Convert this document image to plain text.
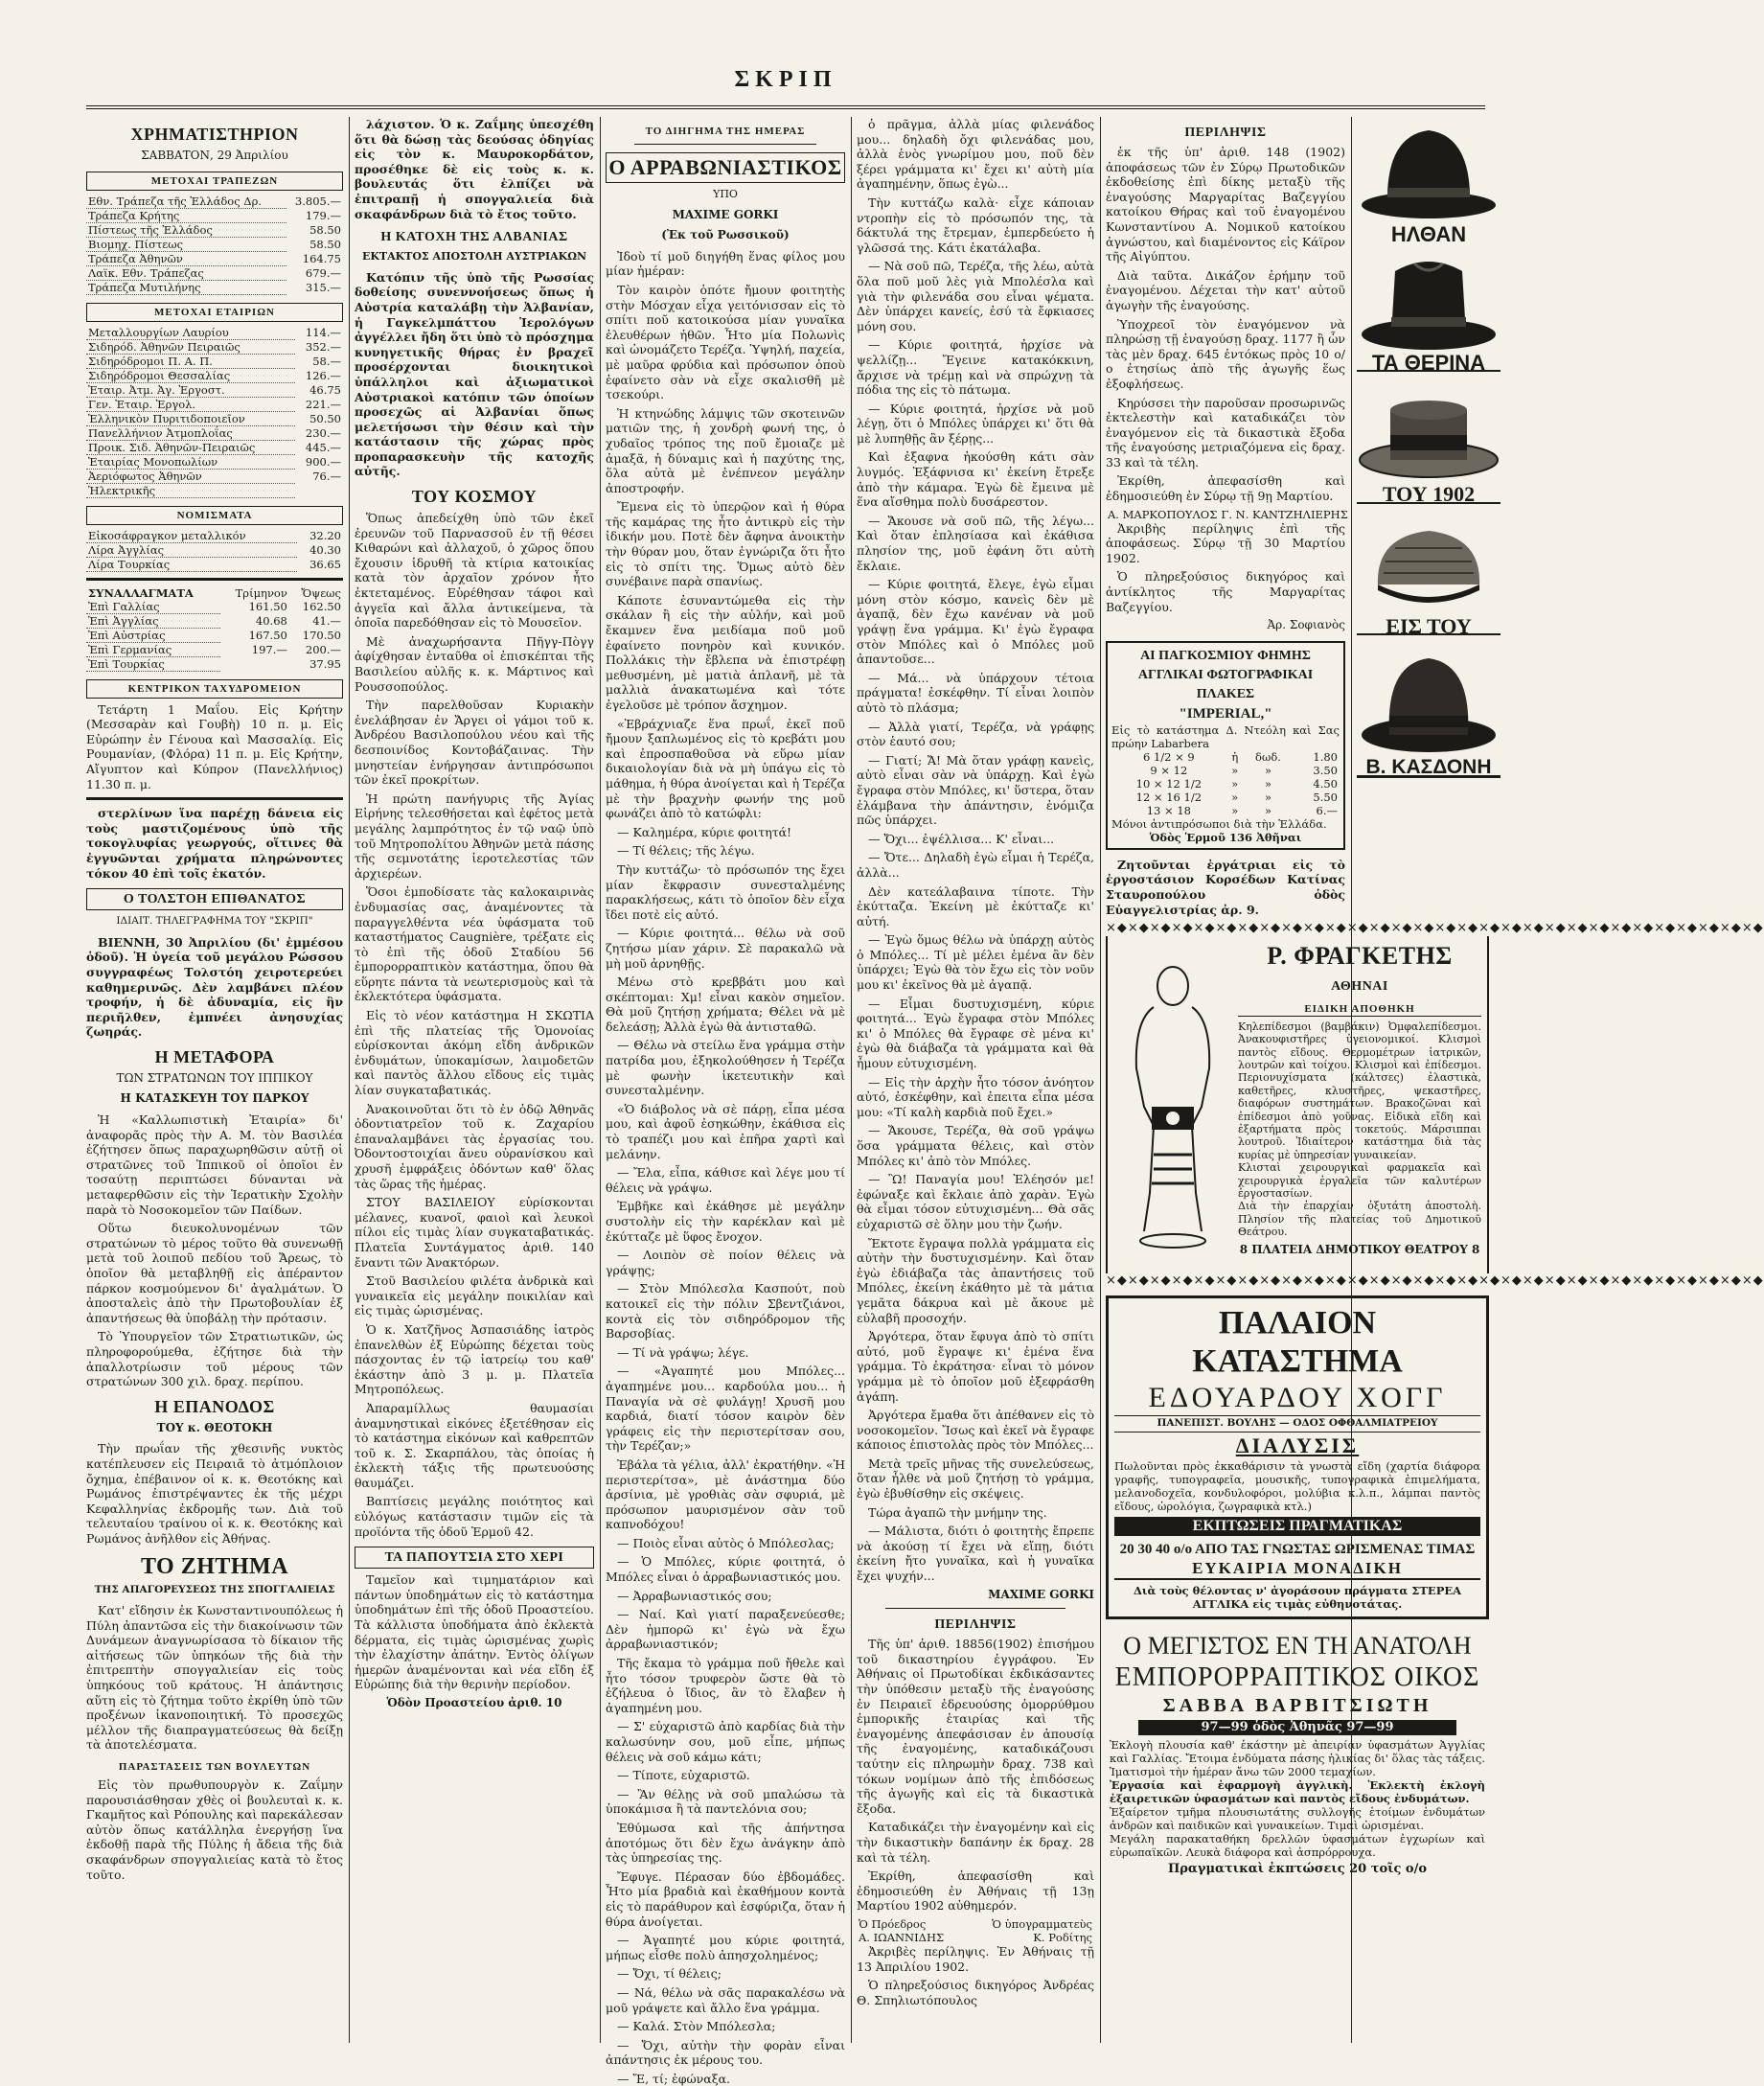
ΣΚΡΙΠ
ΧΡΗΜΑΤΙΣΤΗΡΙΟΝ
ΣΑΒΒΑΤΟΝ, 29 Ἀπριλίου
ΜΕΤΟΧΑΙ ΤΡΑΠΕΖΩΝ
Εθν. Τράπεζα τῆς Ἑλλάδος Δρ.	3.805.—
Τράπεζα Κρήτης	179.—
Πίστεως τῆς Ἑλλάδος	58.50
Βιομηχ. Πίστεως	58.50
Τράπεζα Ἀθηνῶν	164.75
Λαϊκ. Εθν. Τράπεζας	679.—
Τράπεζα Μυτιλήνης	315.—
ΜΕΤΟΧΑΙ ΕΤΑΙΡΙΩΝ
Μεταλλουργίων Λαυρίου	114.—
Σιδηρόδ. Ἀθηνῶν Πειραιῶς	352.—
Σιδηρόδρομοι Π. Α. Π.	58.—
Σιδηρόδρομοι Θεσσαλίας	126.—
Ἐταιρ. Ἀτμ. Ἀγ. Ἐργοστ.	46.75
Γεν. Ἐταιρ. Ἐργολ.	221.—
Ἑλληνικὸν Πυριτιδοποιεῖον	50.50
Πανελλήνιον Ἀτμοπλοΐας	230.—
Προικ. Σιδ. Ἀθηνῶν-Πειραιῶς	445.—
Ἑταιρίας Μονοπωλίων	900.—
Ἀεριόφωτος Ἀθηνῶν	76.—
Ἠλεκτρικῆς	
ΝΟΜΙΣΜΑΤΑ
Εἰκοσάφραγκον μεταλλικόν	32.20
Λίρα Ἀγγλίας	40.30
Λίρα Τουρκίας	36.65
ΣΥΝΑΛΛΑΓΜΑΤΑ	Τρίμηνον	Ὄψεως
Ἐπὶ Γαλλίας	161.50	162.50
Ἐπὶ Ἀγγλίας	40.68	41.—
Ἐπὶ Αὐστρίας	167.50	170.50
Ἐπὶ Γερμανίας	197.—	200.—
Ἐπὶ Τουρκίας		37.95
ΚΕΝΤΡΙΚΟΝ ΤΑΧΥΔΡΟΜΕΙΟΝ

Τετάρτη 1 Μαΐου. Εἰς Κρήτην (Μεσσαρὰν καὶ Γουβὴ) 10 π. μ. Εἰς Εὐρώπην ἐν Γένουα καὶ Μασσαλίᾳ. Εἰς Ρουμανίαν, (Φλόρα) 11 π. μ. Εἰς Κρήτην, Αἴγυπτον καὶ Κύπρον (Πανελλήνιος) 11.30 π. μ.

στερλίνων ἵνα παρέχῃ δάνεια εἰς τοὺς μαστιζομένους ὑπὸ τῆς τοκογλυφίας γεωργούς, οἵτινες θὰ ἐγγυῶνται χρήματα πληρώνοντες τόκον 40 ἐπὶ τοῖς ἑκατόν.

Ο ΤΟΛΣΤΟΗ ΕΠΙΘΑΝΑΤΟΣ
ΙΔΙΑΙΤ. ΤΗΛΕΓΡΑΦΗΜΑ ΤΟΥ "ΣΚΡΙΠ"

ΒΙΕΝΝΗ, 30 Ἀπριλίου (δι' ἐμμέσου ὁδοῦ). Ἡ ὑγεία τοῦ μεγάλου Ρώσσου συγγραφέως Τολστόη χειροτερεύει καθημερινῶς. Δὲν λαμβάνει πλέον τροφήν, ἡ δὲ ἀδυναμία, εἰς ἣν περιῆλθεν, ἐμπνέει ἀνησυχίας ζωηράς.

Η ΜΕΤΑΦΟΡΑ
ΤΩΝ ΣΤΡΑΤΩΝΩΝ ΤΟΥ ΙΠΠΙΚΟΥ
Η ΚΑΤΑΣΚΕΥΗ ΤΟΥ ΠΑΡΚΟΥ

Ἡ «Καλλωπιστικὴ Ἑταιρία» δι' ἀναφορᾶς πρὸς τὴν Α. Μ. τὸν Βασιλέα ἐζήτησεν ὅπως παραχωρηθῶσιν αὐτῇ οἱ στρατῶνες τοῦ Ἱππικοῦ οἱ ὁποῖοι ἐν τοσαύτῃ περιπτώσει δύνανται νὰ μεταφερθῶσιν εἰς τὴν Ἱερατικὴν Σχολὴν παρὰ τὸ Νοσοκομεῖον τῶν Παίδων.

Οὕτω διευκολυνομένων τῶν στρατώνων τὸ μέρος τοῦτο θὰ συνενωθῇ μετὰ τοῦ λοιποῦ πεδίου τοῦ Ἄρεως, τὸ ὁποῖον θὰ μεταβληθῇ εἰς ἀπέραντον πάρκον κοσμούμενον δι' ἀγαλμάτων. Ὁ ἀποσταλεὶς ἀπὸ τὴν Πρωτοβουλίαν ἐξ ἀπαντήσεως θὰ ὑποβάλῃ τὴν πρότασιν.

Τὸ Ὑπουργεῖον τῶν Στρατιωτικῶν, ὡς πληροφορούμεθα, ἐζήτησε διὰ τὴν ἀπαλλοτρίωσιν τοῦ μέρους τῶν στρατώνων 300 χιλ. δραχ. περίπου.

Η ΕΠΑΝΟΔΟΣ
ΤΟΥ κ. ΘΕΟΤΟΚΗ

Τὴν πρωΐαν τῆς χθεσινῆς νυκτὸς κατέπλευσεν εἰς Πειραιᾶ τὸ ἀτμόπλοιον ὄχημα, ἐπέβαινον οἱ κ. κ. Θεοτόκης καὶ Ρωμάνος ἐπιστρέψαντες ἐκ τῆς μέχρι Κεφαλληνίας ἐκδρομῆς των. Διὰ τοῦ τελευταίου τραίνου οἱ κ. κ. Θεοτόκης καὶ Ρωμάνος ἀνῆλθον εἰς Ἀθήνας.

ΤΟ ΖΗΤΗΜΑ
ΤΗΣ ΑΠΑΓΟΡΕΥΣΕΩΣ ΤΗΣ ΣΠΟΓΓΑΛΙΕΙΑΣ

Κατ' εἴδησιν ἐκ Κωνσταντινουπόλεως ἡ Πύλη ἀπαντῶσα εἰς τὴν διακοίνωσιν τῶν Δυνάμεων ἀναγνωρίσασα τὸ δίκαιον τῆς αἰτήσεως τῶν ὑπηκόων τῆς διὰ τὴν ἐπιτρεπτὴν σπογγαλιείαν εἰς τοὺς ὑπηκόους τοῦ κράτους. Ἡ ἀπάντησις αὕτη εἰς τὸ ζήτημα τοῦτο ἐκρίθη ὑπὸ τῶν προξένων ἱκανοποιητική. Τὸ προσεχῶς μέλλον τῆς διαπραγματεύσεως θὰ δείξῃ τὰ ἀποτελέσματα.

ΠΑΡΑΣΤΑΣΕΙΣ ΤΩΝ ΒΟΥΛΕΥΤΩΝ

Εἰς τὸν πρωθυπουργὸν κ. Ζαΐμην παρουσιάσθησαν χθὲς οἱ βουλευταὶ κ. κ. Γκαμῆτος καὶ Ρόπουλης καὶ παρεκάλεσαν αὐτὸν ὅπως κατάλληλα ἐνεργήσῃ ἵνα ἐκδοθῇ παρὰ τῆς Πύλης ἡ ἄδεια τῆς διὰ σκαφάνδρων σπογγαλιείας κατὰ τὸ ἔτος τοῦτο.

λάχιστον. Ὁ κ. Ζαΐμης ὑπεσχέθη ὅτι θὰ δώσῃ τὰς δεούσας ὁδηγίας εἰς τὸν κ. Μαυροκορδάτον, προσέθηκε δὲ εἰς τοὺς κ. κ. βουλευτάς ὅτι ἐλπίζει νὰ ἐπιτραπῇ ἡ σπογγαλιεία διὰ σκαφάνδρων διὰ τὸ ἔτος τοῦτο.

Η ΚΑΤΟΧΗ ΤΗΣ ΑΛΒΑΝΙΑΣ
ΕΚΤΑΚΤΟΣ ΑΠΟΣΤΟΛΗ ΑΥΣΤΡΙΑΚΩΝ

Κατόπιν τῆς ὑπὸ τῆς Ρωσσίας δοθείσης συνεννοήσεως ὅπως ἡ Αὐστρία καταλάβῃ τὴν Ἀλβανίαν, ἡ Γαγκελμπάττου Ἱερολόγων ἀγγέλλει ἤδη ὅτι ὑπὸ τὸ πρόσχημα κυνηγετικῆς θήρας ἐν βραχεῖ προσέρχονται διοικητικοὶ ὑπάλληλοι καὶ ἀξιωματικοὶ Αὐστριακοὶ κατόπιν τῶν ὁποίων προσεχῶς αἱ Ἀλβανίαι ὅπως μελετήσωσι τὴν θέσιν καὶ τὴν κατάστασιν τῆς χώρας πρὸς προπαρασκευὴν τῆς κατοχῆς αὐτῆς.

ΤΟΥ ΚΟΣΜΟΥ

Ὅπως ἀπεδείχθη ὑπὸ τῶν ἐκεῖ ἐρευνῶν τοῦ Παρνασσοῦ ἐν τῇ θέσει Κιθαρώνι καὶ ἀλλαχοῦ, ὁ χῶρος ὅπου ἔχουσιν ἱδρυθῆ τὰ κτίρια κατοικίας κατὰ τὸν ἀρχαῖον χρόνον ἦτο ἐκτεταμένος. Εὑρέθησαν τάφοι καὶ ἀγγεῖα καὶ ἄλλα ἀντικείμενα, τὰ ὁποῖα παρεδόθησαν εἰς τὸ Μουσεῖον.

Μὲ ἀναχωρήσαντα Πῆγγ-Πὸγγ ἀφίχθησαν ἐνταῦθα οἱ ἐπισκέπται τῆς Βασιλείου αὐλῆς κ. κ. Μάρτινος καὶ Ρουσσοπούλος.

Τὴν παρελθοῦσαν Κυριακὴν ἐνελάβησαν ἐν Ἄργει οἱ γάμοι τοῦ κ. Ἀνδρέου Βασιλοπούλου νέου καὶ τῆς δεσποινίδος Κοντοβάζαινας. Τὴν μνηστείαν ἐνήργησαν ἀντιπρόσωποι τῶν ἐκεῖ προκρίτων.

Ἡ πρώτη πανήγυρις τῆς Ἀγίας Εἰρήνης τελεσθήσεται καὶ ἐφέτος μετὰ μεγάλης λαμπρότητος ἐν τῷ ναῷ ὑπὸ τοῦ Μητροπολίτου Ἀθηνῶν μετὰ πάσης τῆς σεμνοτάτης ἱεροτελεστίας τῶν ἀρχιερέων.

Ὅσοι ἐμποδίσατε τὰς καλοκαιρινὰς ἐνδυμασίας σας, ἀναμένοντες τὰ παραγγελθέντα νέα ὑφάσματα τοῦ καταστήματος Caugnière, τρέξατε εἰς τὸ ἐπὶ τῆς ὁδοῦ Σταδίου 56 ἐμπορορραπτικὸν κατάστημα, ὅπου θὰ εὕρητε πάντα τὰ νεωτερισμοὺς καὶ τὰ ἐκλεκτότερα ὑφάσματα.

Εἰς τὸ νέον κατάστημα Η ΣΚΩΤΙΑ ἐπὶ τῆς πλατείας τῆς Ὁμονοίας εὑρίσκονται ἀκόμη εἴδη ἀνδρικῶν ἐνδυμάτων, ὑποκαμίσων, λαιμοδετῶν καὶ παντὸς ἄλλου εἴδους εἰς τιμὰς λίαν συγκαταβατικάς.

Ἀνακοινοῦται ὅτι τὸ ἐν ὁδῷ Ἀθηνᾶς ὀδοντιατρεῖον τοῦ κ. Ζαχαρίου ἐπαναλαμβάνει τὰς ἐργασίας του. Ὀδοντοστοιχίαι ἄνευ οὐρανίσκου καὶ χρυσῆ ἐμφράξεις ὀδόντων καθ' ὅλας τὰς ὥρας τῆς ἡμέρας.

ΣΤΟΥ ΒΑΣΙΛΕΙΟΥ εὑρίσκονται μέλανες, κυανοῖ, φαιοὶ καὶ λευκοὶ πίλοι εἰς τιμὰς λίαν συγκαταβατικάς. Πλατεῖα Συντάγματος ἀριθ. 140 ἔναντι τῶν Ἀνακτόρων.

Στοῦ Βασιλείου φιλέτα ἀνδρικὰ καὶ γυναικεῖα εἰς μεγάλην ποικιλίαν καὶ εἰς τιμὰς ὡρισμένας.

Ὁ κ. Χατζῆνος Ἀσπασιάδης ἰατρὸς ἐπανελθὼν ἐξ Εὐρώπης δέχεται τοὺς πάσχοντας ἐν τῷ ἰατρείῳ του καθ' ἑκάστην ἀπὸ 3 μ. μ. Πλατεῖα Μητροπόλεως.

Ἀπαραμίλλως θαυμασίαι ἀναμνηστικαὶ εἰκόνες ἐξετέθησαν εἰς τὸ κατάστημα εἰκόνων καὶ καθρεπτῶν τοῦ κ. Σ. Σκαρπάλου, τὰς ὁποίας ἡ ἐκλεκτὴ τάξις τῆς πρωτευούσης θαυμάζει.

Βαπτίσεις μεγάλης ποιότητος καὶ εὐλόγως κατάστασιν τιμῶν εἰς τὰ προϊόντα τῆς ὁδοῦ Ἑρμοῦ 42.

ΤΑ ΠΑΠΟΥΤΣΙΑ ΣΤΟ ΧΕΡΙ

Ταμεῖον καὶ τιμηματάριον καὶ πάντων ὑποδημάτων εἰς τὸ κατάστημα ὑποδημάτων ἐπὶ τῆς ὁδοῦ Προαστείου. Τὰ κάλλιστα ὑποδήματα ἀπὸ ἐκλεκτὰ δέρματα, εἰς τιμὰς ὡρισμένας χωρὶς τὴν ἐλαχίστην ἀπάτην. Ἐντὸς ὀλίγων ἡμερῶν ἀναμένονται καὶ νέα εἴδη ἐξ Εὐρώπης διὰ τὴν θερινὴν περίοδον.

Ὁδὸν Προαστείου ἀριθ. 10
ΤΟ ΔΙΗΓΗΜΑ ΤΗΣ ΗΜΕΡΑΣ
Ο ΑΡΡΑΒΩΝΙΑΣΤΙΚΟΣ
ΥΠΟ
MAXIME GORKI
(Ἐκ τοῦ Ρωσσικοῦ)

Ἰδοὺ τί μοῦ διηγήθη ἕνας φίλος μου μίαν ἡμέραν:

Τὸν καιρὸν ὁπότε ἤμουν φοιτητὴς στὴν Μόσχαν εἶχα γειτόνισσαν εἰς τὸ σπίτι ποῦ κατοικούσα μίαν γυναῖκα ἐλευθέρων ἠθῶν. Ἦτο μία Πολωνὶς καὶ ὠνομάζετο Τερέζα. Ὑψηλή, παχεία, μὲ μαῦρα φρύδια καὶ πρόσωπον ὁποὺ ἐφαίνετο σὰν νὰ εἶχε σκαλισθῆ μὲ τσεκούρι.

Ἡ κτηνώδης λάμψις τῶν σκοτεινῶν ματιῶν της, ἡ χονδρὴ φωνή της, ὁ χυδαῖος τρόπος της ποῦ ἔμοιαζε μὲ ἀμαξᾶ, ἡ δύναμις καὶ ἡ παχύτης της, ὅλα αὐτὰ μὲ ἐνέπνεον μεγάλην ἀποστροφήν.

Ἔμενα εἰς τὸ ὑπερῷον καὶ ἡ θύρα τῆς καμάρας της ἦτο ἀντικρὺ εἰς τὴν ἰδικήν μου. Ποτὲ δὲν ἄφηνα ἀνοικτὴν τὴν θύραν μου, ὅταν ἐγνώριζα ὅτι ἦτο εἰς τὸ σπίτι της. Ὅμως αὐτὸ δὲν συνέβαινε παρὰ σπανίως.

Κάποτε ἐσυναντώμεθα εἰς τὴν σκάλαν ἢ εἰς τὴν αὐλήν, καὶ μοῦ ἔκαμνεν ἕνα μειδίαμα ποῦ μοῦ ἐφαίνετο πονηρὸν καὶ κυνικόν. Πολλάκις τὴν ἔβλεπα νὰ ἐπιστρέφῃ μεθυσμένη, μὲ ματιὰ ἀπλανῆ, μὲ τὰ μαλλιὰ ἀνακατωμένα καὶ τότε ἐγελοῦσε μὲ τρόπον ἄσχημον.

«Ἐβράχνιαζε ἕνα πρωΐ, ἐκεῖ ποῦ ἤμουν ξαπλωμένος εἰς τὸ κρεβάτι μου καὶ ἐπροσπαθοῦσα νὰ εὕρω μίαν δικαιολογίαν διὰ νὰ μὴ ὑπάγω εἰς τὸ μάθημα, ἡ θύρα ἀνοίγεται καὶ ἡ Τερέζα μὲ τὴν βραχνὴν φωνήν της μοῦ φωνάζει ἀπὸ τὸ κατώφλι:

— Καλημέρα, κύριε φοιτητά!

— Τί θέλεις; τῆς λέγω.

Τὴν κυττάζω· τὸ πρόσωπόν της ἔχει μίαν ἔκφρασιν συνεσταλμένης παρακλήσεως, κάτι τὸ ὁποῖον δὲν εἶχα ἴδει ποτὲ εἰς αὐτό.

— Κύριε φοιτητά... θέλω νὰ σοῦ ζητήσω μίαν χάριν. Σὲ παρακαλῶ νὰ μὴ μοῦ ἀρνηθῇς.

Μένω στὸ κρεββάτι μου καὶ σκέπτομαι: Χμ! εἶναι κακὸν σημεῖον. Θὰ μοῦ ζητήσῃ χρήματα; Θέλει νὰ μὲ δελεάσῃ; Ἀλλὰ ἐγὼ θὰ ἀντισταθῶ.

— Θέλω νὰ στείλω ἕνα γράμμα στὴν πατρίδα μου, ἐξηκολούθησεν ἡ Τερέζα μὲ φωνὴν ἱκετευτικὴν καὶ συνεσταλμένην.

«Ὁ διάβολος νὰ σὲ πάρῃ, εἶπα μέσα μου, καὶ ἀφοῦ ἐσηκώθην, ἐκάθισα εἰς τὸ τραπέζι μου καὶ ἐπῆρα χαρτὶ καὶ μελάνην.

— Ἔλα, εἶπα, κάθισε καὶ λέγε μου τί θέλεις νὰ γράψω.

Ἐμβῆκε καὶ ἐκάθησε μὲ μεγάλην συστολὴν εἰς τὴν καρέκλαν καὶ μὲ ἐκύτταζε μὲ ὕφος ἔνοχον.

— Λοιπὸν σὲ ποίον θέλεις νὰ γράψῃς;

— Στὸν Μπόλεσλα Κασπούτ, ποὺ κατοικεῖ εἰς τὴν πόλιν Σβεντζιάνοι, κοντὰ εἰς τὸν σιδηρόδρομον τῆς Βαρσοβίας.

— Τί νὰ γράψω; λέγε.

— «Ἀγαπητέ μου Μπόλες... ἀγαπημένε μου... καρδούλα μου... ἡ Παναγία νὰ σὲ φυλάγῃ! Χρυσῆ μου καρδιά, διατί τόσον καιρὸν δὲν γράφεις εἰς τὴν περιστερίτσαν σου, τὴν Τερέζαν;»

Ἐβάλα τὰ γέλια, ἀλλ' ἐκρατήθην. «Ἡ περιστερίτσα», μὲ ἀνάστημα δύο ἀρσίνια, μὲ γροθιὰς σὰν σφυριά, μὲ πρόσωπον μαυρισμένον σὰν τοῦ καπνοδόχου!

— Ποιὸς εἶναι αὐτὸς ὁ Μπόλεσλας;

— Ὁ Μπόλες, κύριε φοιτητά, ὁ Μπόλες εἶναι ὁ ἀρραβωνιαστικός μου.

— Ἀρραβωνιαστικός σου;

— Ναί. Καὶ γιατί παραξενεύεσθε; Δὲν ἠμπορῶ κι' ἐγὼ νὰ ἔχω ἀρραβωνιαστικόν;

Τῆς ἔκαμα τὸ γράμμα ποῦ ἤθελε καὶ ἦτο τόσον τρυφερὸν ὥστε θὰ τὸ ἐζήλευα ὁ ἴδιος, ἂν τὸ ἔλαβεν ἡ ἀγαπημένη μου.

— Σ' εὐχαριστῶ ἀπὸ καρδίας διὰ τὴν καλωσύνην σου, μοῦ εἶπε, μήπως θέλεις νὰ σοῦ κάμω κάτι;

— Τίποτε, εὐχαριστῶ.

— Ἂν θέλῃς νὰ σοῦ μπαλώσω τὰ ὑποκάμισα ἢ τὰ παντελόνια σου;

Ἐθύμωσα καὶ τῆς ἀπήντησα ἀποτόμως ὅτι δὲν ἔχω ἀνάγκην ἀπὸ τὰς ὑπηρεσίας της.

Ἔφυγε. Πέρασαν δύο ἑβδομάδες. Ἦτο μία βραδιὰ καὶ ἐκαθήμουν κοντὰ εἰς τὸ παράθυρον καὶ ἐσφύριζα, ὅταν ἡ θύρα ἀνοίγεται.

— Ἀγαπητέ μου κύριε φοιτητά, μήπως εἶσθε πολὺ ἀπησχολημένος;

— Ὄχι, τί θέλεις;

— Νά, θέλω νὰ σᾶς παρακαλέσω νὰ μοῦ γράψετε καὶ ἄλλο ἕνα γράμμα.

— Καλά. Στὸν Μπόλεσλα;

— Ὄχι, αὐτὴν τὴν φορὰν εἶναι ἀπάντησις ἐκ μέρους του.

— Ἔ, τί; ἐφώναξα.

ὁ πρᾶγμα, ἀλλὰ μίας φιλενάδος μου... δηλαδὴ ὄχι φιλενάδας μου, ἀλλὰ ἑνὸς γνωρίμου μου, ποῦ δὲν ξέρει γράμματα κι' ἔχει κι' αὐτὴ μία ἀγαπημένην, ὅπως ἐγὼ...

Τὴν κυττάζω καλὰ· εἶχε κάποιαν ντροπὴν εἰς τὸ πρόσωπόν της, τὰ δάκτυλά της ἔτρεμαν, ἐμπερδεύετο ἡ γλῶσσά της. Κάτι ἐκατάλαβα.

— Νὰ σοῦ πῶ, Τερέζα, τῆς λέω, αὐτὰ ὅλα ποῦ μοῦ λὲς γιὰ Μπολέσλα καὶ γιὰ τὴν φιλενάδα σου εἶναι ψέματα. Δὲν ὑπάρχει κανείς, ἐσύ τὰ ἔφκιασες μόνη σου.

— Κύριε φοιτητά, ἠρχίσε νὰ ψελλίζῃ... Ἔγεινε κατακόκκινη, ἄρχισε νὰ τρέμῃ καὶ νὰ σπρώχνῃ τὰ πόδια της εἰς τὸ πάτωμα.

— Κύριε φοιτητά, ἠρχίσε νὰ μοῦ λέγῃ, ὅτι ὁ Μπόλες ὑπάρχει κι' ὅτι θὰ μὲ λυπηθῇς ἂν ξέρῃς...

Καὶ ἐξαφνα ἠκούσθη κάτι σὰν λυγμός. Ἐξάφνισα κι' ἐκείνη ἔτρεξε ἀπὸ τὴν κάμαρα. Ἐγὼ δὲ ἔμεινα μὲ ἕνα αἴσθημα πολὺ δυσάρεστον.

— Ἄκουσε νὰ σοῦ πῶ, τῆς λέγω... Καὶ ὅταν ἐπλησίασα καὶ ἐκάθισα πλησίον της, μοῦ ἐφάνη ὅτι αὐτὴ ἔκλαιε.

— Κύριε φοιτητά, ἔλεγε, ἐγὼ εἶμαι μόνη στὸν κόσμο, κανεὶς δὲν μὲ ἀγαπᾷ, δὲν ἔχω κανέναν νὰ μοῦ γράψῃ ἕνα γράμμα. Κι' ἐγὼ ἔγραφα στὸν Μπόλες καὶ ὁ Μπόλες μοῦ ἀπαντοῦσε...

— Μά... νὰ ὑπάρχουν τέτοια πράγματα! ἐσκέφθην. Τί εἶναι λοιπὸν αὐτὸ τὸ πλάσμα;

— Ἀλλὰ γιατί, Τερέζα, νὰ γράφῃς στὸν ἑαυτό σου;

— Γιατί; Ἄ! Μὰ ὅταν γράφῃ κανεὶς, αὐτὸ εἶναι σὰν νὰ ὑπάρχῃ. Καὶ ἐγὼ ἔγραφα στὸν Μπόλες, κι' ὕστερα, ὅταν ἐλάμβανα τὴν ἀπάντησιν, ἐνόμιζα πῶς ὑπάρχει.

— Ὄχι... ἐψέλλισα... Κ' εἶναι...

— Ὄτε... Δηλαδὴ ἐγὼ εἶμαι ἡ Τερέζα, ἀλλὰ...

Δὲν κατεάλαβαινα τίποτε. Τὴν ἐκύτταζα. Ἐκείνη μὲ ἐκύτταζε κι' αὐτή.

— Ἐγὼ ὅμως θέλω νὰ ὑπάρχῃ αὐτὸς ὁ Μπόλες... Τί μὲ μέλει ἐμένα ἂν δὲν ὑπάρχει; Ἐγὼ θὰ τὸν ἔχω εἰς τὸν νοῦν μου κι' ἐκεῖνος θὰ μὲ ἀγαπᾷ.

— Εἶμαι δυστυχισμένη, κύριε φοιτητά... Ἐγὼ ἔγραφα στὸν Μπόλες κι' ὁ Μπόλες θὰ ἔγραφε σὲ μένα κι' ἐγὼ θὰ διάβαζα τὰ γράμματα καὶ θὰ ἦμουν εὐτυχισμένη.

— Εἰς τὴν ἀρχὴν ἦτο τόσον ἀνόητον αὐτό, ἐσκέφθην, καὶ ἐπειτα εἶπα μέσα μου: «Τί καλὴ καρδιὰ ποῦ ἔχει.»

— Ἄκουσε, Τερέζα, θὰ σοῦ γράψω ὅσα γράμματα θέλεις, καὶ στὸν Μπόλες κι' ἀπὸ τὸν Μπόλες.

— Ὢ! Παναγία μου! Ἐλέησόν με! ἐφώναξε καὶ ἔκλαιε ἀπὸ χαρὰν. Ἐγὼ θὰ εἶμαι τόσον εὐτυχισμένη... Θὰ σᾶς εὐχαριστῶ σὲ ὅλην μου τὴν ζωήν.

Ἔκτοτε ἔγραψα πολλὰ γράμματα εἰς αὐτὴν τὴν δυστυχισμένην. Καὶ ὅταν ἐγὼ ἐδιάβαζα τὰς ἀπαντήσεις τοῦ Μπόλες, ἐκείνη ἐκάθητο μὲ τὰ μάτια γεμᾶτα δάκρυα καὶ μὲ ἄκουε μὲ εὐλαβῆ προσοχήν.

Ἀργότερα, ὅταν ἔφυγα ἀπὸ τὸ σπίτι αὐτό, μοῦ ἔγραψε κι' ἐμένα ἕνα γράμμα. Τὸ ἐκράτησα· εἶναι τὸ μόνον γράμμα μὲ τὸ ὁποῖον μοῦ ἐξεφράσθη ἀγάπη.

Ἀργότερα ἔμαθα ὅτι ἀπέθανεν εἰς τὸ νοσοκομεῖον. Ἴσως καὶ ἐκεῖ νὰ ἔγραφε κάποιος ἐπιστολὰς πρὸς τὸν Μπόλες...

Μετὰ τρεῖς μῆνας τῆς συνελεύσεως, ὅταν ἦλθε νὰ μοῦ ζητήσῃ τὸ γράμμα, ἐγὼ ἐβυθίσθην εἰς σκέψεις.

Τώρα ἀγαπῶ τὴν μνήμην της.

— Μάλιστα, διότι ὁ φοιτητὴς ἔπρεπε νὰ ἀκούσῃ τί ἔχει νὰ εἴπῃ, διότι ἐκείνη ἤτο γυναῖκα, καὶ ἡ γυναῖκα ἔχει ψυχήν...

MAXIME GORKI
ΠΕΡΙΛΗΨΙΣ

Τῆς ὑπ' ἀριθ. 18856(1902) ἐπισήμου τοῦ δικαστηρίου ἐγγράφου. Ἐν Ἀθήναις οἱ Πρωτοδίκαι ἐκδικάσαντες τὴν ὑπόθεσιν μεταξὺ τῆς ἐναγούσης ἐν Πειραιεῖ ἐδρευούσης ὁμορρύθμου ἐμπορικῆς ἑταιρίας καὶ τῆς ἐναγομένης ἀπεφάσισαν ἐν ἀπουσίᾳ τῆς ἐναγομένης, καταδικάζουσι ταύτην εἰς πληρωμὴν δραχ. 738 καὶ τόκων νομίμων ἀπὸ τῆς ἐπιδόσεως τῆς ἀγωγῆς καὶ εἰς τὰ δικαστικὰ ἔξοδα.

Καταδικάζει τὴν ἐναγομένην καὶ εἰς τὴν δικαστικὴν δαπάνην ἐκ δραχ. 28 καὶ τὰ τέλη.

Ἐκρίθη, ἀπεφασίσθη καὶ ἐδημοσιεύθη ἐν Ἀθήναις τῇ 13ῃ Μαρτίου 1902 αὐθημερόν.

Ὁ Πρόεδρος	Ὁ ὑπογραμματεὺς
Α. ΙΩΑΝΝΙΔΗΣ	Κ. Ροδίτης

Ἀκριβὲς περίληψις. Ἐν Ἀθήναις τῇ 13 Ἀπριλίου 1902.

Ὁ πληρεξούσιος δικηγόρος Ἀνδρέας Θ. Σπηλιωτόπουλος

ΠΕΡΙΛΗΨΙΣ

ἐκ τῆς ὑπ' ἀριθ. 148 (1902) ἀποφάσεως τῶν ἐν Σύρῳ Πρωτοδικῶν ἐκδοθείσης ἐπὶ δίκης μεταξὺ τῆς ἐναγούσης Μαργαρίτας Βαζεγγίου κατοίκου Θήρας καὶ τοῦ ἐναγομένου Κωνσταντίνου Α. Νομικοῦ κατοίκου ἀγνώστου, καὶ διαμένοντος εἰς Κάϊρον τῆς Αἰγύπτου.

Διὰ ταῦτα. Δικάζον ἐρήμην τοῦ ἐναγομένου. Δέχεται τὴν κατ' αὐτοῦ ἀγωγὴν τῆς ἐναγούσης.

Ὑποχρεοῖ τὸν ἐναγόμενον νὰ πληρώσῃ τῇ ἐναγούσῃ δραχ. 1177 ἢ ὧν τὰς μὲν δραχ. 645 ἐντόκως πρὸς 10 ο/ο ἐτησίως ἀπὸ τῆς ἀγωγῆς ἕως ἐξοφλήσεως.

Κηρύσσει τὴν παροῦσαν προσωρινῶς ἐκτελεστὴν καὶ καταδικάζει τὸν ἐναγόμενον εἰς τὰ δικαστικὰ ἔξοδα τῆς ἐναγούσης μετριαζόμενα εἰς δραχ. 33 καὶ τὰ τέλη.

Ἐκρίθη, ἀπεφασίσθη καὶ ἐδημοσιεύθη ἐν Σύρῳ τῇ 9ῃ Μαρτίου.

Α. ΜΑΡΚΟΠΟΥΛΟΣ	Γ. Ν. ΚΑΝΤΖΗΛΙΕΡΗΣ

Ἀκριβὴς περίληψις ἐπὶ τῆς ἀποφάσεως. Σύρῳ τῇ 30 Μαρτίου 1902.

Ὁ πληρεξούσιος δικηγόρος καὶ ἀντίκλητος τῆς Μαργαρίτας Βαζεγγίου.

Ἀρ. Σοφιανὸς
ΑΙ ΠΑΓΚΟΣΜΙΟΥ ΦΗΜΗΣ
ΑΓΓΛΙΚΑΙ ΦΩΤΟΓΡΑΦΙΚΑΙ ΠΛΑΚΕΣ
"IMPERIAL,"
Εἰς τὸ κατάστημα Δ. Ντεόλη καὶ Σας πρώην Labarbera
6 1/2 × 9	ἡ	δωδ.	1.80
9 × 12	»	»	3.50
10 × 12 1/2	»	»	4.50
12 × 16 1/2	»	»	5.50
13 × 18	»	»	6.—
Μόνοι ἀντιπρόσωποι διὰ τὴν Ἑλλάδα.
Ὁδὸς Ἑρμοῦ 136 Ἀθῆναι

Ζητοῦνται ἐργάτριαι εἰς τὸ ἐργοστάσιον Κορσέδων Κατίνας Σταυροπούλου ὁδὸς Εὐαγγελιστρίας ἀρ. 9.

×◆×◆×◆×◆×◆×◆×◆×◆×◆×◆×◆×◆×◆×◆×◆×◆×◆×◆×◆×◆×◆×◆×◆×◆×◆×◆×◆×◆×◆×◆
Ρ. ΦΡΑΓΚΕΤΗΣ
ΑΘΗΝΑΙ
ΕΙΔΙΚΗ ΑΠΟΘΗΚΗ
Κηλεπίδεσμοι (βαμβάκιν) Ὀμφαλεπίδεσμοι. Ἀνακουφιστῆρες ὑγειονομικοί. Κλισμοὶ παντὸς εἴδους. Θερμομέτρων ἰατρικῶν, λουτρῶν καὶ τοίχου. Κλισμοὶ καὶ ἐπίδεσμοι. Περιονυχίσματα (κάλτσες) ἐλαστικὰ, καθετῆρες, κλυστῆρες, ψεκαστῆρες, διαφόρων συστημάτων. Βρακοζῶναι καὶ ἐπίδεσμοι ἀπὸ γοῦνας. Εἰδικὰ εἴδη καὶ ἐξαρτήματα πρὸς τοκετούς. Μάρσιππαι λουτροῦ. Ἰδιαίτερον κατάστημα διὰ τὰς κυρίας μὲ ὑπηρεσίαν γυναικείαν.
Κλισταὶ χειρουργικαὶ φαρμακεῖα καὶ χειρουργικὰ ἐργαλεῖα τῶν καλυτέρων ἐργοστασίων.
Διὰ τὴν ἐπαρχίαν ὀξυτάτη ἀποστολὴ. Πλησίον τῆς πλατείας τοῦ Δημοτικοῦ Θεάτρου.
8 ΠΛΑΤΕΙΑ ΔΗΜΟΤΙΚΟΥ ΘΕΑΤΡΟΥ 8
×◆×◆×◆×◆×◆×◆×◆×◆×◆×◆×◆×◆×◆×◆×◆×◆×◆×◆×◆×◆×◆×◆×◆×◆×◆×◆×◆×◆×◆×◆
ΠΑΛΑΙΟΝ ΚΑΤΑΣΤΗΜΑ
ΕΔΟΥΑΡΔΟΥ ΧΟΓΓ
ΠΑΝΕΠΙΣΤ. ΒΟΥΛΗΣ — ΟΔΟΣ ΟΦΘΑΛΜΙΑΤΡΕΙΟΥ
ΔΙΑΛΥΣΙΣ
Πωλοῦνται πρὸς ἐκκαθάρισιν τὰ γνωστὰ εἴδη (χαρτία διάφορα γραφῆς, τυπογραφεῖα, μουσικῆς, τυπογραφικὰ ἐπιμελήματα, μελανοδοχεῖα, κονδυλοφόροι, μολύβια κ.λ.π., λάμπαι παντὸς εἴδους, ὡρολόγια, ζωγραφικὰ κτλ.)
ΕΚΠΤΩΣΕΙΣ ΠΡΑΓΜΑΤΙΚΑΣ
20 30 40 ο/ο ΑΠΟ ΤΑΣ ΓΝΩΣΤΑΣ ΩΡΙΣΜΕΝΑΣ ΤΙΜΑΣ
ΕΥΚΑΙΡΙΑ ΜΟΝΑΔΙΚΗ
Διὰ τοὺς θέλοντας ν' ἀγοράσουν πράγματα ΣΤΕΡΕΑ ΑΓΓΛΙΚΑ εἰς τιμὰς εὐθηνοτάτας.
Ο ΜΕΓΙΣΤΟΣ ΕΝ ΤΗ ΑΝΑΤΟΛΗ
ΕΜΠΟΡΟΡΡΑΠΤΙΚΟΣ ΟΙΚΟΣ
ΣΑΒΒΑ ΒΑΡΒΙΤΣΙΩΤΗ
97—99 ὁδὸς Ἀθηνᾶς 97—99
Ἐκλογὴ πλουσία καθ' ἑκάστην μὲ ἀπειρίαν ὑφασμάτων Ἀγγλίας καὶ Γαλλίας. Ἔτοιμα ἐνδύματα πάσης ἡλικίας δι' ὅλας τὰς τάξεις. Ἱματισμοὶ τὴν ἡμέραν ἄνω τῶν 2000 τεμαχίων.
Ἐργασία καὶ ἐφαρμογὴ ἀγγλικὴ. Ἐκλεκτὴ ἐκλογὴ ἐξαιρετικῶν ὑφασμάτων καὶ παντὸς εἴδους ἐνδυμάτων.
Ἐξαίρετον τμῆμα πλουσιωτάτης συλλογῆς ἑτοίμων ἐνδυμάτων ἀνδρῶν καὶ παιδικῶν καὶ γυναικείων. Τιμαὶ ὡρισμέναι.
Μεγάλη παρακαταθήκη δρελλῶν ὑφασμάτων ἐγχωρίων καὶ εὐρωπαϊκῶν. Λευκὰ διάφορα καὶ ἀσπρόρρουχα.
Πραγματικαὶ ἐκπτώσεις 20 τοῖς ο/ο
ΗΛΘΑΝ
ΤΑ ΘΕΡΙΝΑ
ΤΟΥ 1902
ΕΙΣ ΤΟΥ
Β. ΚΑΣΔΟΝΗ
